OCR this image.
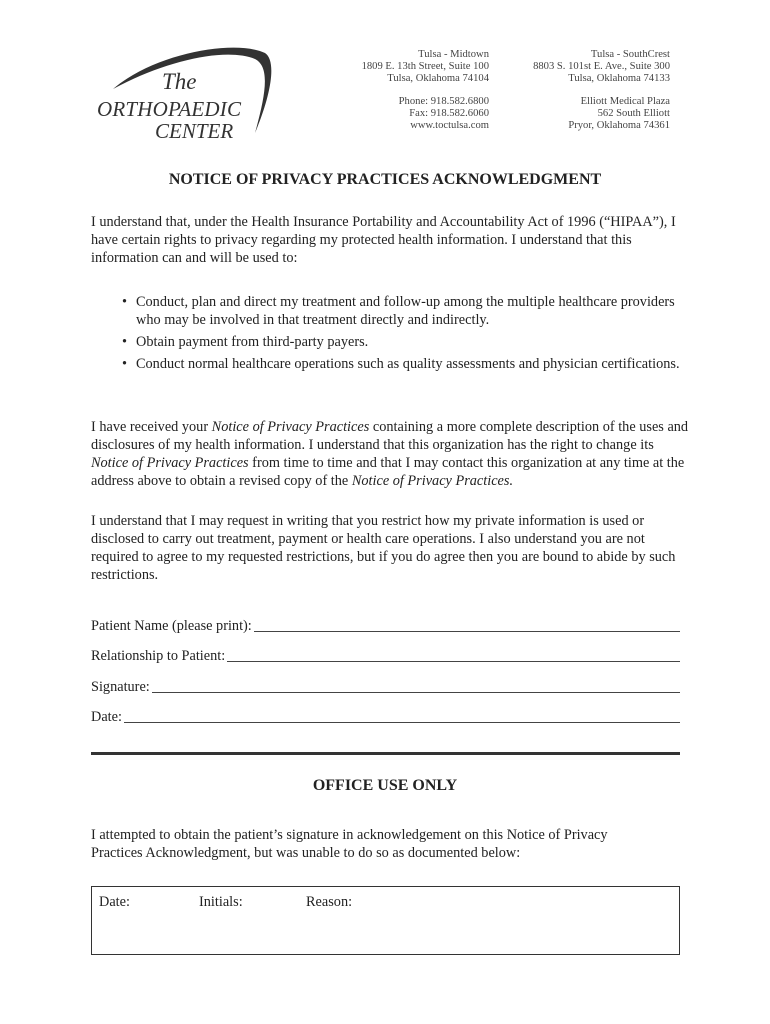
The
ORTHOPAEDIC
CENTER
Tulsa - Midtown
1809 E. 13th Street, Suite 100
Tulsa, Oklahoma 74104
Phone: 918.582.6800
Fax: 918.582.6060
www.toctulsa.com
Tulsa - SouthCrest
8803 S. 101st E. Ave., Suite 300
Tulsa, Oklahoma 74133
Elliott Medical Plaza
562 South Elliott
Pryor, Oklahoma 74361
NOTICE OF PRIVACY PRACTICES ACKNOWLEDGMENT
I understand that, under the Health Insurance Portability and Accountability Act of 1996 (“HIPAA”), I have certain rights to privacy regarding my protected health information. I understand that this information can and will be used to:
• Conduct, plan and direct my treatment and follow-up among the multiple healthcare providers who may be involved in that treatment directly and indirectly.
• Obtain payment from third-party payers.
• Conduct normal healthcare operations such as quality assessments and physician certifications.
I have received your Notice of Privacy Practices containing a more complete description of the uses and disclosures of my health information. I understand that this organization has the right to change its Notice of Privacy Practices from time to time and that I may contact this organization at any time at the address above to obtain a revised copy of the Notice of Privacy Practices.
I understand that I may request in writing that you restrict how my private information is used or disclosed to carry out treatment, payment or health care operations. I also understand you are not required to agree to my requested restrictions, but if you do agree then you are bound to abide by such restrictions.
Patient Name (please print):
Relationship to Patient:
Signature:
Date:
OFFICE USE ONLY
I attempted to obtain the patient’s signature in acknowledgement on this Notice of Privacy Practices Acknowledgment, but was unable to do so as documented below:
Date:	Initials:	Reason:
